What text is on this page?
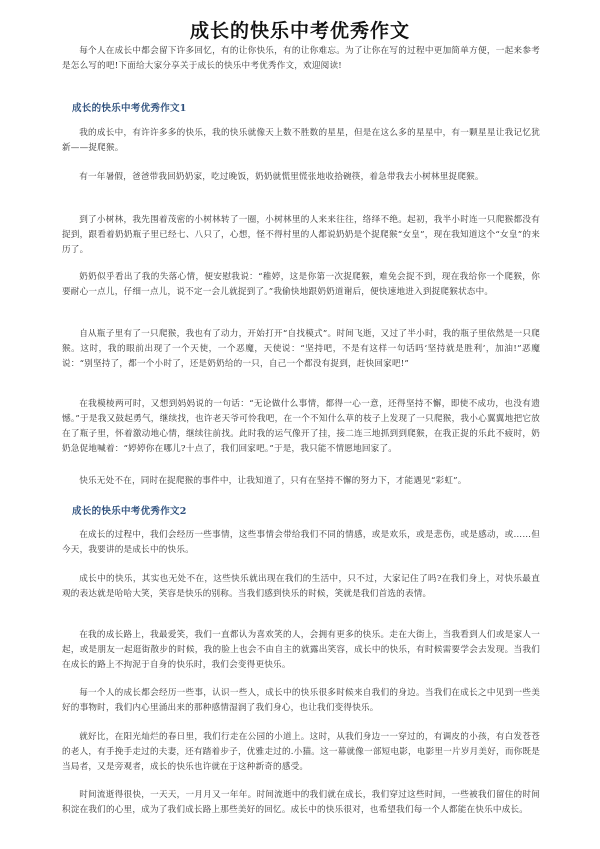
成长的快乐中考优秀作文
每个人在成长中都会留下许多回忆，有的让你快乐，有的让你难忘。为了让你在写的过程中更加简单方便，一起来参考是怎么写的吧!下面给大家分享关于成长的快乐中考优秀作文，欢迎阅读!
成长的快乐中考优秀作文1
我的成长中，有许许多多的快乐，我的快乐就像天上数不胜数的星星，但是在这么多的星星中，有一颗星星让我记忆犹新——捉爬猴。
有一年暑假，爸爸带我回奶奶家，吃过晚饭，奶奶就慌里慌张地收拾碗筷，着急带我去小树林里捉爬猴。
到了小树林，我先围着茂密的小树林转了一圈，小树林里的人来来往往，络绎不绝。起初，我半小时连一只爬猴都没有捉到，跟看着奶奶瓶子里已经七、八只了，心想，怪不得村里的人都说奶奶是个捉爬猴“女皇”，现在我知道这个“女皇”的来历了。
奶奶似乎看出了我的失落心情，便安慰我说：“稚婷，这是你第一次捉爬猴，难免会捉不到，现在我给你一个爬猴，你要耐心一点儿，仔细一点儿，说不定一会儿就捉到了。”我偷快地跟奶奶道谢后，便快速地进入到捉爬猴状态中。
自从瓶子里有了一只爬猴，我也有了动力，开始打开“自找模式”。时间飞逝，又过了半小时，我的瓶子里依然是一只爬猴。这时，我的眼前出现了一个天使，一个恶魔，天使说：“坚持吧，不是有这样一句话吗‘坚持就是胜利’，加油!”恶魔说：“别坚持了，都一个小时了，还是奶奶给的一只，自己一个都没有捉到，赶快回家吧!”
在我模棱两可时，又想到妈妈说的一句话：“无论做什么事情，都得一心一意，还得坚持不懈，即使不成功，也没有遗憾。”于是我又鼓起勇气，继续找，也许老天爷可怜我吧，在一个不知什么草的枝子上发现了一只爬猴，我小心翼翼地把它放在了瓶子里，怀着激动地心情，继续往前找。此时我的运气像开了挂，接二连三地抓到到爬猴，在我正捉的乐此不疲时，奶奶急促地喊着：“婷婷你在哪儿?十点了，我们回家吧。”于是，我只能不情愿地回家了。
快乐无处不在，同时在捉爬猴的事件中，让我知道了，只有在坚持不懈的努力下，才能遇见“彩虹”。
成长的快乐中考优秀作文2
在成长的过程中，我们会经历一些事情，这些事情会带给我们不同的情感，或是欢乐，或是悲伤，或是感动，或……但今天，我要讲的是成长中的快乐。
成长中的快乐，其实也无处不在，这些快乐就出现在我们的生活中，只不过，大家记住了吗?在我们身上，对快乐最直观的表达就是哈哈大笑，笑容是快乐的别称。当我们感到快乐的时候，笑就是我们首选的表情。
在我的成长路上，我最爱笑，我们一直都认为喜欢笑的人，会拥有更多的快乐。走在大街上，当我看到人们或是家人一起，或是朋友一起逛街散步的时候，我的脸上也会不由自主的就露出笑容，成长中的快乐，有时候需要学会去发现。当我们在成长的路上不拘泥于自身的快乐时，我们会变得更快乐。
每一个人的成长都会经历一些事，认识一些人，成长中的快乐很多时候来自我们的身边。当我们在成长之中见到一些美好的事物时，我们内心里涌出来的那种感情湿润了我们身心，也让我们变得快乐。
就好比，在阳光灿烂的春日里，我们行走在公园的小道上。这时，从我们身边一一穿过的，有调皮的小孩，有白发苍苍的老人，有手挽手走过的夫妻，还有踏着步子，优雅走过的.小猫。这一幕就像一部短电影，电影里一片岁月美好，而你既是当局者，又是旁观者，成长的快乐也许就在于这种新奇的感受。
时间流逝得很快，一天天，一月月又一年年。时间流逝中的我们就在成长，我们穿过这些时间，一些被我们留住的时间积淀在我们的心里，成为了我们成长路上那些美好的回忆。成长中的快乐很对，也希望我们每一个人都能在快乐中成长。
